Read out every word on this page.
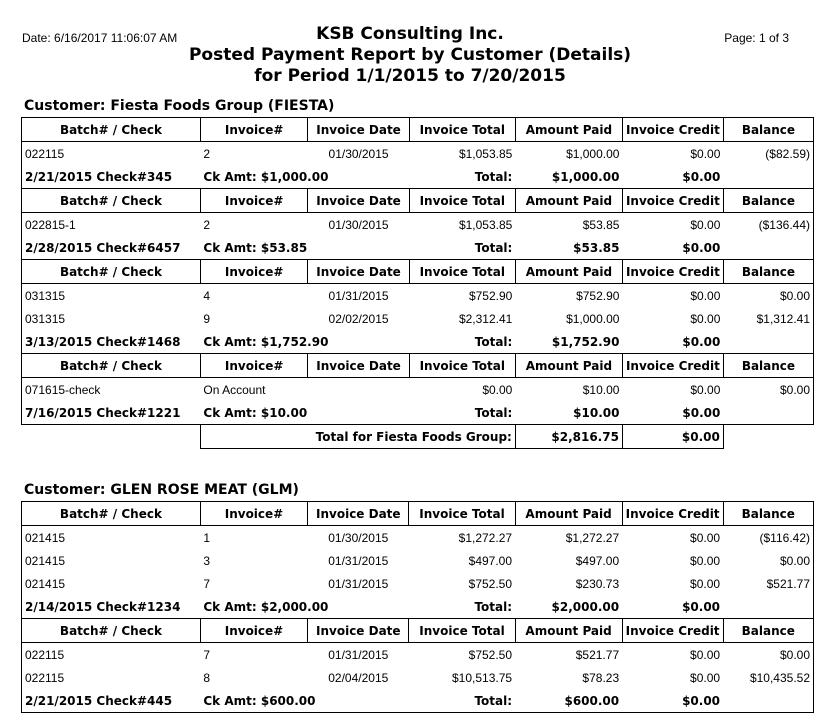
Date: 6/16/2017 11:06:07 AM	Page: 1 of 3
KSB Consulting Inc.
Posted Payment Report by Customer (Details)
for Period 1/1/2015 to 7/20/2015
Customer: Fiesta Foods Group (FIESTA)
Batch# / Check	Invoice#	Invoice Date	Invoice Total	Amount Paid	Invoice Credit	Balance
022115	2	01/30/2015	$1,053.85	$1,000.00	$0.00	($82.59)
2/21/2015 Check#345	Ck Amt: $1,000.00		Total:	$1,000.00	$0.00	
Batch# / Check	Invoice#	Invoice Date	Invoice Total	Amount Paid	Invoice Credit	Balance
022815-1	2	01/30/2015	$1,053.85	$53.85	$0.00	($136.44)
2/28/2015 Check#6457	Ck Amt: $53.85		Total:	$53.85	$0.00	
Batch# / Check	Invoice#	Invoice Date	Invoice Total	Amount Paid	Invoice Credit	Balance
031315	4	01/31/2015	$752.90	$752.90	$0.00	$0.00
031315	9	02/02/2015	$2,312.41	$1,000.00	$0.00	$1,312.41
3/13/2015 Check#1468	Ck Amt: $1,752.90		Total:	$1,752.90	$0.00	
Batch# / Check	Invoice#	Invoice Date	Invoice Total	Amount Paid	Invoice Credit	Balance
071615-check	On Account		$0.00	$10.00	$0.00	$0.00
7/16/2015 Check#1221	Ck Amt: $10.00		Total:	$10.00	$0.00	
	Total for Fiesta Foods Group:			$2,816.75	$0.00	
Customer: GLEN ROSE MEAT (GLM)
Batch# / Check	Invoice#	Invoice Date	Invoice Total	Amount Paid	Invoice Credit	Balance
021415	1	01/30/2015	$1,272.27	$1,272.27	$0.00	($116.42)
021415	3	01/31/2015	$497.00	$497.00	$0.00	$0.00
021415	7	01/31/2015	$752.50	$230.73	$0.00	$521.77
2/14/2015 Check#1234	Ck Amt: $2,000.00		Total:	$2,000.00	$0.00	
Batch# / Check	Invoice#	Invoice Date	Invoice Total	Amount Paid	Invoice Credit	Balance
022115	7	01/31/2015	$752.50	$521.77	$0.00	$0.00
022115	8	02/04/2015	$10,513.75	$78.23	$0.00	$10,435.52
2/21/2015 Check#445	Ck Amt: $600.00		Total:	$600.00	$0.00	
